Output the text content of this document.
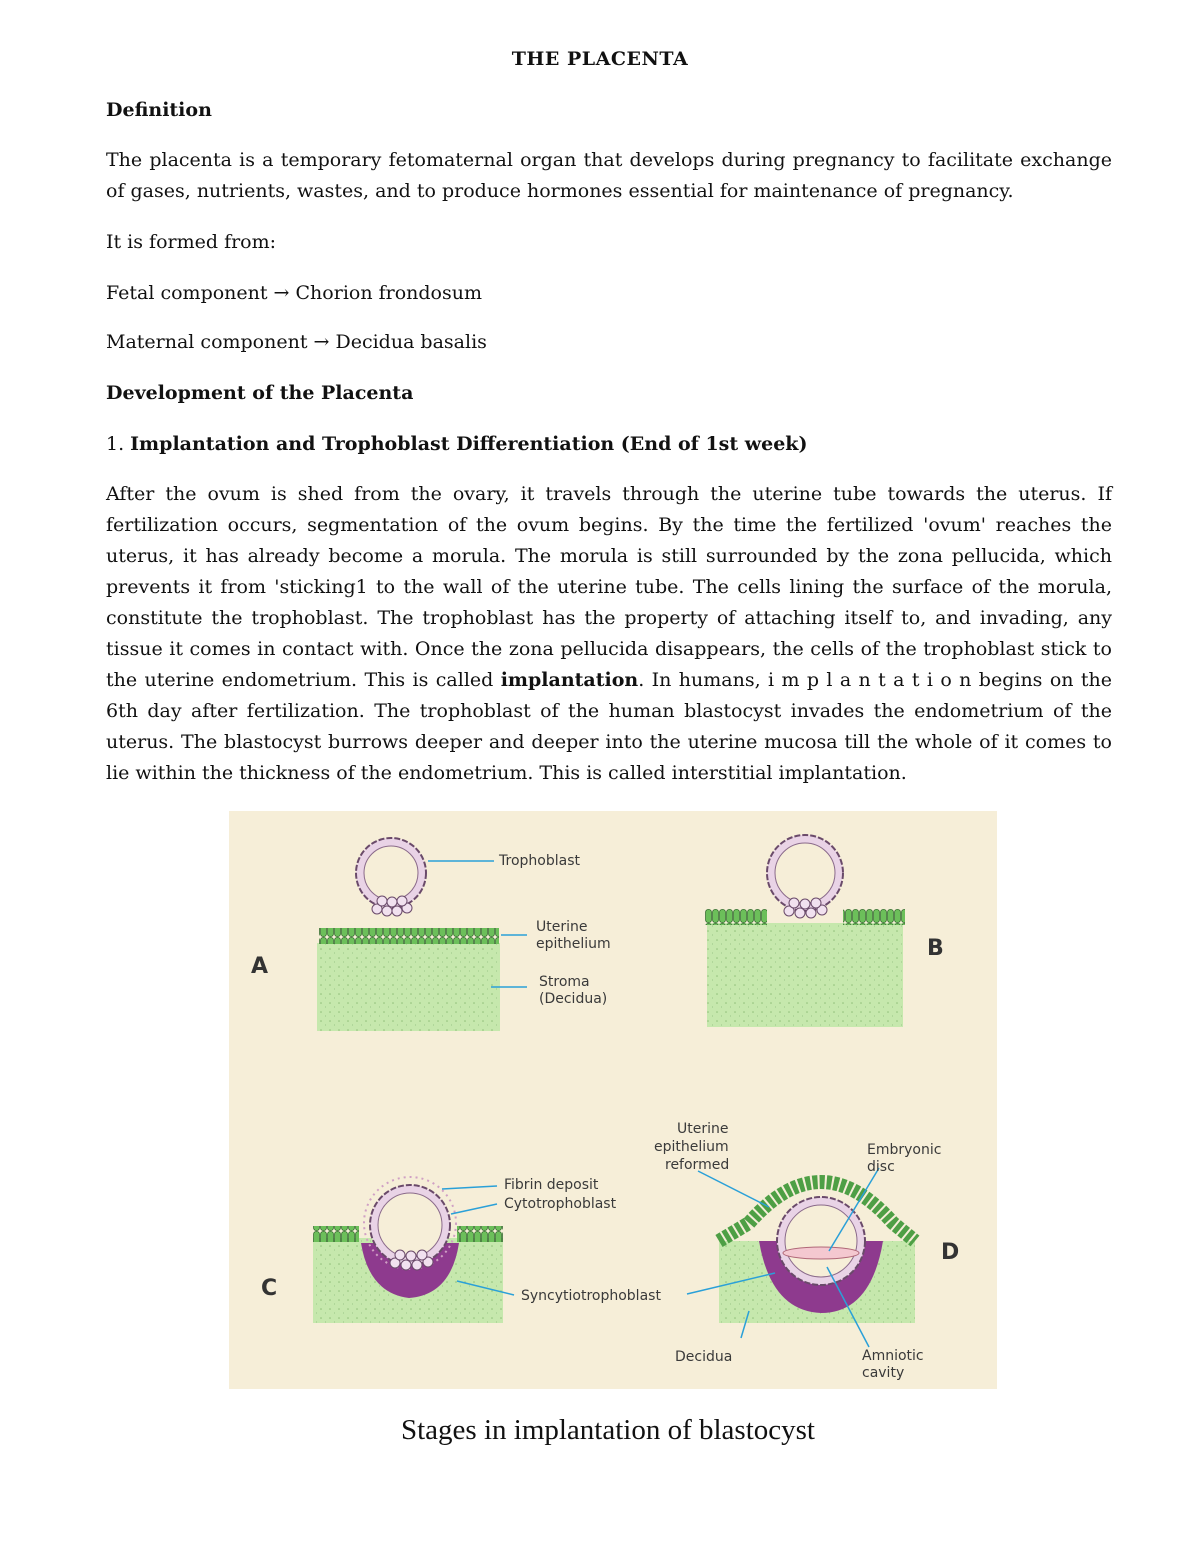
THE PLACENTA
Definition
The placenta is a temporary fetomaternal organ that develops during pregnancy to facilitate exchange of gases, nutrients, wastes, and to produce hormones essential for maintenance of pregnancy.
It is formed from:
Fetal component → Chorion frondosum
Maternal component → Decidua basalis
Development of the Placenta
1. Implantation and Trophoblast Differentiation (End of 1st week)
After the ovum is shed from the ovary, it travels through the uterine tube towards the uterus. If fertilization occurs, segmentation of the ovum begins. By the time the fertilized 'ovum' reaches the uterus, it has already become a morula. The morula is still surrounded by the zona pellucida, which prevents it from 'sticking1 to the wall of the uterine tube. The cells lining the surface of the morula, constitute the trophoblast. The trophoblast has the property of attaching itself to, and invading, any tissue it comes in contact with. Once the zona pellucida disappears, the cells of the trophoblast stick to the uterine endometrium. This is called implantation. In humans, i m p l a n t a t i o n begins on the 6th day after fertilization. The trophoblast of the human blastocyst invades the endometrium of the uterus. The blastocyst burrows deeper and deeper into the uterine mucosa till the whole of it comes to lie within the thickness of the endometrium. This is called interstitial implantation.
Trophoblast
Uterine
epithelium
Stroma
(Decidua)
A
B
Fibrin deposit
Cytotrophoblast
Syncytiotrophoblast
C
Uterine
epithelium
reformed
Embryonic
disc
Decidua	Amniotic
cavity
D
Stages in implantation of blastocyst
